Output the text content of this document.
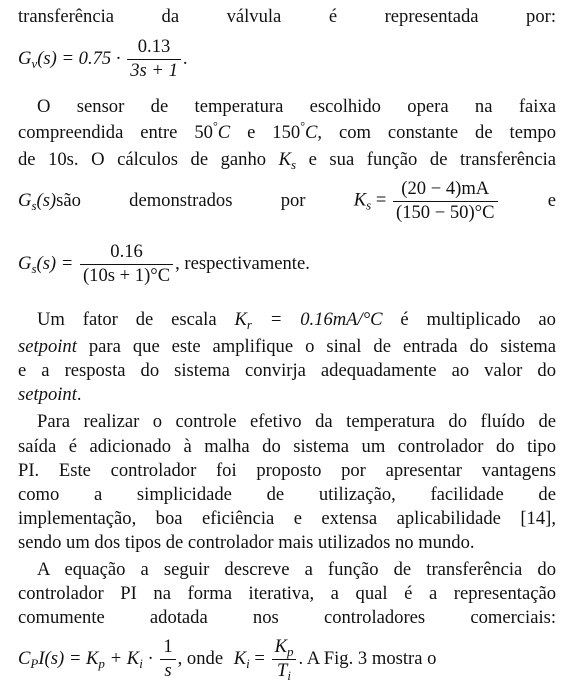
transferência	da	válvula	é	representada	por:
$G_v(s) = 0.75 \cdot \frac{0.13}{3s + 1}$ .
O sensor de temperatura escolhido opera na faixa
compreendida entre 50°C e 150°C, com constante de tempo
de 10s. O cálculos de ganho $K_s$ e sua função de transferência
$G_s(s)são$	demonstrados	por	$K_s = \frac{(20 - 4)mA}{(150 - 50)^\circ C}$	e
$G_s(s) = \frac{0.16}{(10s + 1)^\circ C}$ , respectivamente.
Um fator de escala $K_r = 0.16mA/^\circ C$ é multiplicado ao
setpoint para que este amplifique o sinal de entrada do sistema
e a resposta do sistema convirja adequadamente ao valor do
setpoint.
Para realizar o controle efetivo da temperatura do fluído de
saída é adicionado à malha do sistema um controlador do tipo
PI. Este controlador foi proposto por apresentar vantagens
como a simplicidade de utilização, facilidade de
implementação, boa eficiência e extensa aplicabilidade [14],
sendo um dos tipos de controlador mais utilizados no mundo.
A equação a seguir descreve a função de transferência do
controlador PI na forma iterativa, a qual é a representação
comumente adotada nos controladores comerciais:
$C_PI(s) = K_p + K_i \cdot \frac{1}{s}$ , onde $K_i = \frac{K_p}{T_i}$ . A Fig. 3 mostra o
